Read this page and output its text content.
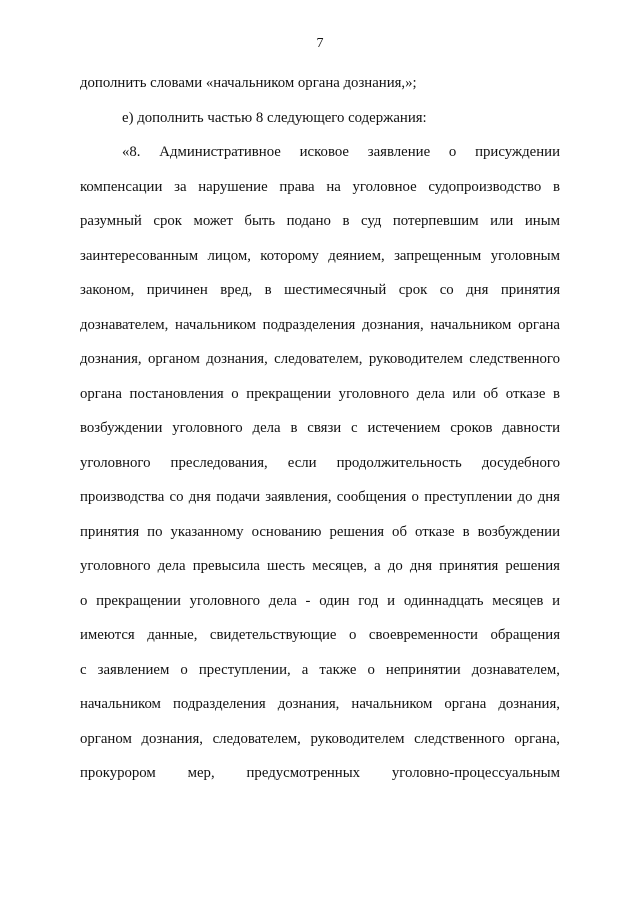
7
дополнить словами «начальником органа дознания,»;
е) дополнить частью 8 следующего содержания:
«8. Административное исковое заявление о присуждении
компенсации за нарушение права на уголовное судопроизводство в
разумный срок может быть подано в суд потерпевшим или иным
заинтересованным лицом, которому деянием, запрещенным уголовным
законом, причинен вред, в шестимесячный срок со дня принятия
дознавателем, начальником подразделения дознания, начальником органа
дознания, органом дознания, следователем, руководителем следственного
органа постановления о прекращении уголовного дела или об отказе в
возбуждении уголовного дела в связи с истечением сроков давности
уголовного преследования, если продолжительность досудебного
производства со дня подачи заявления, сообщения о преступлении до дня
принятия по указанному основанию решения об отказе в возбуждении
уголовного дела превысила шесть месяцев, а до дня принятия решения
о прекращении уголовного дела - один год и одиннадцать месяцев и
имеются данные, свидетельствующие о своевременности обращения
с заявлением о преступлении, а также о непринятии дознавателем,
начальником подразделения дознания, начальником органа дознания,
органом дознания, следователем, руководителем следственного органа,
прокурором мер, предусмотренных уголовно-процессуальным
